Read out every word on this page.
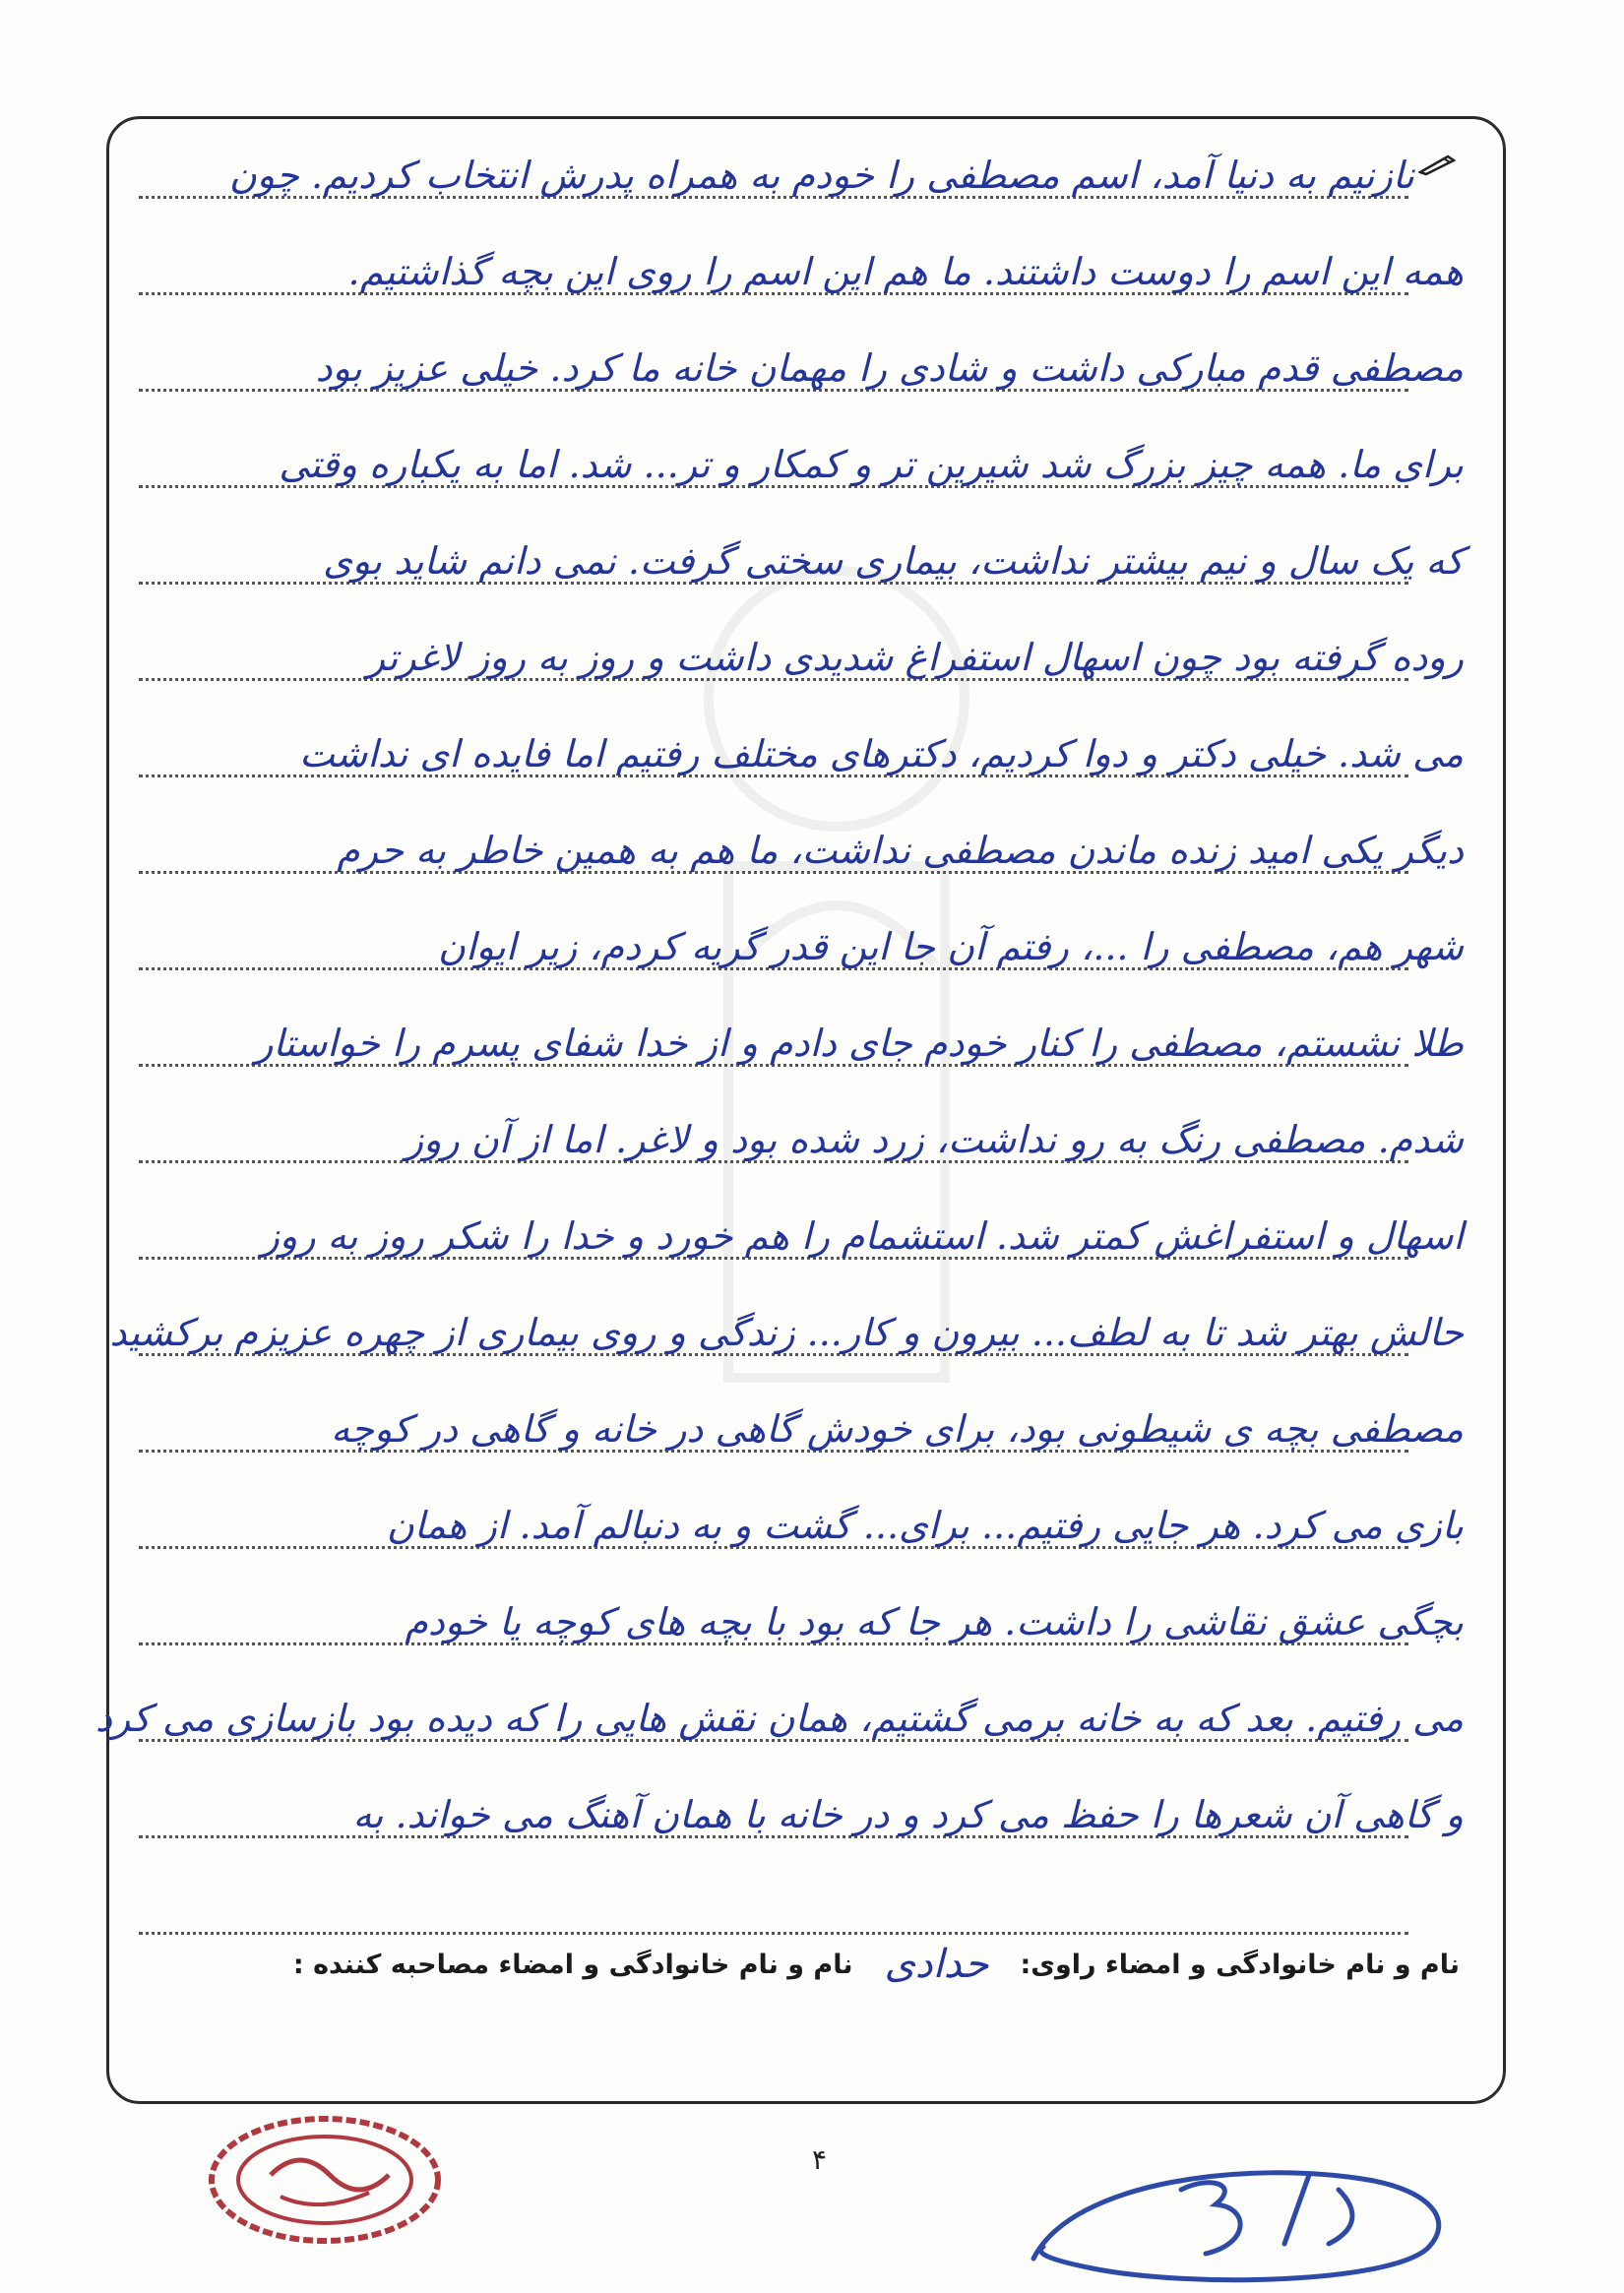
نازنیم به دنیا آمد، اسم مصطفی را خودم به همراه پدرش انتخاب کردیم. چون
همه این اسم را دوست داشتند. ما هم این اسم را روی این بچه گذاشتیم.
مصطفی قدم مبارکی داشت و شادی را مهمان خانه ما کرد. خیلی عزیز بود
برای ما. همه چیز بزرگ شد شیرین تر و کمکار و تر... شد. اما به یکباره وقتی
که یک سال و نیم بیشتر نداشت، بیماری سختی گرفت. نمی دانم شاید بوی
روده گرفته بود چون اسهال استفراغ شدیدی داشت و روز به روز لاغرتر
می شد. خیلی دکتر و دوا کردیم، دکترهای مختلف رفتیم اما فایده ای نداشت
دیگر یکی امید زنده ماندن مصطفی نداشت، ما هم به همین خاطر به حرم
شهر هم، مصطفی را ...، رفتم آن جا این قدر گریه کردم، زیر ایوان
طلا نشستم، مصطفی را کنار خودم جای دادم و از خدا شفای پسرم را خواستار
شدم. مصطفی رنگ به رو نداشت، زرد شده بود و لاغر. اما از آن روز
اسهال و استفراغش کمتر شد. استشمام را هم خورد و خدا را شکر روز به روز
حالش بهتر شد تا به لطف... بیرون و کار... زندگی و روی بیماری از چهره عزیزم برکشید
مصطفی بچه ی شیطونی بود، برای خودش گاهی در خانه و گاهی در کوچه
بازی می کرد. هر جایی رفتیم... برای... گشت و به دنبالم آمد. از همان
بچگی عشق نقاشی را داشت. هر جا که بود با بچه های کوچه یا خودم
می رفتیم. بعد که به خانه برمی گشتیم، همان نقش هایی را که دیده بود بازسازی می کرد
و گاهی آن شعرها را حفظ می کرد و در خانه با همان آهنگ می خواند. به
نام و نام خانوادگی و امضاء راوی:
حدادی
نام و نام خانوادگی و امضاء مصاحبه کننده :
۴
